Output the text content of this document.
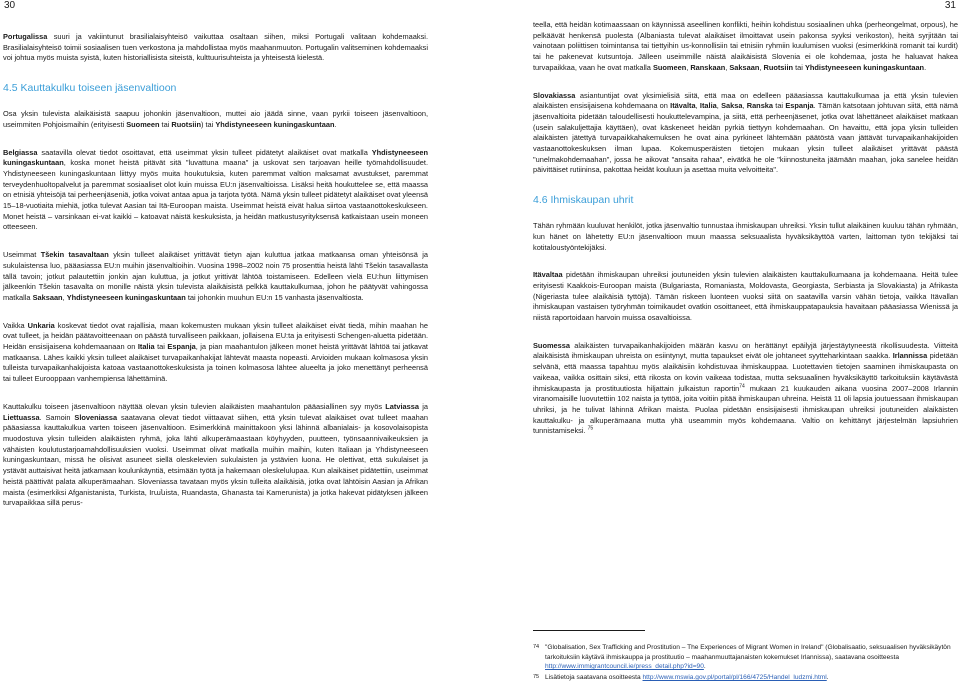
30	31

Portugalissa suuri ja vakiintunut brasilialaisyhteisö vaikuttaa osaltaan siihen, miksi Portugali valitaan kohdemaaksi. Brasilialaisyhteisö toimii sosiaalisen tuen verkostona ja mahdollistaa myös maahanmuuton. Portugalin valitseminen kohdemaaksi voi johtua myös muista syistä, kuten historiallisista siteistä, kulttuurisuhteista ja yhteisestä kielestä.

4.5 Kauttakulku toiseen jäsenvaltioon

Osa yksin tulevista alaikäisistä saapuu johonkin jäsenvaltioon, muttei aio jäädä sinne, vaan pyrkii toiseen jäsenvaltioon, useimmiten Pohjoismaihin (erityisesti Suomeen tai Ruotsiin) tai Yhdistyneeseen kuningaskuntaan.

Belgiassa saatavilla olevat tiedot osoittavat, että useimmat yksin tulleet pidätetyt alaikäiset ovat matkalla Yhdistyneeseen kuningaskuntaan, koska monet heistä pitävät sitä "luvattuna maana" ja uskovat sen tarjoavan heille työmahdollisuudet. Yhdistyneeseen kuningaskuntaan liittyy myös muita houkutuksia, kuten paremmat valtion maksamat avustukset, paremmat terveydenhuoltopalvelut ja paremmat sosiaaliset olot kuin muissa EU:n jäsenvaltioissa. Lisäksi heitä houkuttelee se, että maassa on etnisiä yhteisöjä tai perheenjäseniä, jotka voivat antaa apua ja tarjota työtä. Nämä yksin tulleet pidätetyt alaikäiset ovat yleensä 15–18-vuotiaita miehiä, jotka tulevat Aasian tai Itä-Euroopan maista. Useimmat heistä eivät halua siirtoa vastaanottokeskukseen. Monet heistä – varsinkaan ei-vat kaikki – katoavat näistä keskuksista, ja heidän matkustusyrityksensä katkaistaan usein moneen otteeseen.

Useimmat Tšekin tasavaltaan yksin tulleet alaikäiset yrittävät tietyn ajan kuluttua jatkaa matkaansa oman yhteisönsä ja sukulaistensa luo, pääasiassa EU:n muihin jäsenvaltioihin. Vuosina 1998–2002 noin 75 prosenttia heistä lähti Tšekin tasavallasta tällä tavoin; jotkut palautettiin jonkin ajan kuluttua, ja jotkut yrittivät lähtöä toistamiseen. Edelleen vielä EU:hun liittymisen jälkeenkin Tšekin tasavalta on monille näistä yksin tulevista alaikäisistä pelkkä kauttakulkumaa, johon he päätyvät vahingossa matkalla Saksaan, Yhdistyneeseen kuningaskuntaan tai johonkin muuhun EU:n 15 vanhasta jäsenvaltiosta.

Vaikka Unkaria koskevat tiedot ovat rajallisia, maan kokemusten mukaan yksin tulleet alaikäiset eivät tiedä, mihin maahan he ovat tulleet, ja heidän päätavoitteenaan on päästä turvalliseen paikkaan, jollaisena EU:ta ja erityisesti Schengen-aluetta pidetään. Heidän ensisijaisena kohdemaanaan on Italia tai Espanja, ja pian maahantulon jälkeen monet heistä yrittävät lähtöä tai jatkavat matkaansa. Lähes kaikki yksin tulleet alaikäiset turvapaikanhakijat lähtevät maasta nopeasti. Arvioiden mukaan kolmasosa yksin tulleista turvapaikanhakijoista katoaa vastaanottokeskuksista ja toinen kolmasosa lähtee alueelta ja joko menettänyt perheensä tai tulleet Eurooppaan vanhempiensa lähettäminä.

Kauttakulku toiseen jäsenvaltioon näyttää olevan yksin tulevien alaikäisten maahantulon pääasiallinen syy myös Latviassa ja Liettuassa. Samoin Sloveniassa saatavana olevat tiedot viittaavat siihen, että yksin tulevat alaikäiset ovat tulleet maahan pääasiassa kauttakulkua varten toiseen jäsenvaltioon. Esimerkkinä mainittakoon yksi lähinnä albanialais- ja kosovolaisopista muodostuva yksin tulleiden alaikäisten ryhmä, joka lähti alkuperämaastaan köyhyyden, puutteen, työnsaannivaikeuksien ja vähäisten koulutustarjoamahdollisuuksien vuoksi. Useimmat olivat matkalla muihin maihin, kuten Italiaan ja Yhdistyneeseen kuningaskuntaan, missä he olisivat asuneet siellä oleskelevien sukulaisten ja ystävien luona. He olettivat, että sukulaiset ja ystävät auttaisivat heitä jatkamaan koulunkäyntiä, etsimään työtä ja hakemaan oleskelulupaa. Kun alaikäiset pidätettiin, useimmat heistä päättivät palata alkuperämaahan. Sloveniassa tavataan myös yksin tulleita alaikäisiä, jotka ovat lähtöisin Aasian ja Afrikan maista (esimerkiksi Afganistanista, Turkista, Irանista, Ruandasta, Ghanasta tai Kamerunista) ja jotka hakevat pidätyksen jälkeen turvapaikkaa sillä perus-

teella, että heidän kotimaassaan on käynnissä aseellinen konflikti, heihin kohdistuu sosiaalinen uhka (perheongelmat, orpous), he pelkäävät henkensä puolesta (Albaniasta tulevat alaikäiset ilmoittavat usein pakonsa syyksi verikoston), heitä syrjitään tai vainotaan poliittisen toimintansa tai tiettyihin us-konnollisiin tai etnisiin ryhmiin kuulumisen vuoksi (esimerkkinä romanit tai kurdit) tai he pakenevat kutsuntoja. Jälleen useimmille näistä alaikäisistä Slovenia ei ole kohdemaa, josta he haluavat hakea turvapaikkaa, vaan he ovat matkalla Suomeen, Ranskaan, Saksaan, Ruotsiin tai Yhdistyneeseen kuningaskuntaan.

Slovakiassa asiantuntijat ovat yksimielisiä siitä, että maa on edelleen pääasiassa kauttakulkumaa ja että yksin tulevien alaikäisten ensisijaisena kohdemaana on Itävalta, Italia, Saksa, Ranska tai Espanja. Tämän katsotaan johtuvan siitä, että nämä jäsenvaltioita pidetään taloudellisesti houkuttelevampina, ja siitä, että perheenjäsenet, jotka ovat lähettäneet alaikäiset matkaan (usein salakuljettajia käyttäen), ovat käskeneet heidän pyrkiä tiettyyn kohdemaahan. On havaittu, että jopa yksin tulleiden alaikäisten jätettyä turvapaikkahakemuksen he ovat aina pyrkineet lähtemään päätöstä vaan jättävät turvapaikanhakijoiden vastaanottokeskuksen ilman lupaa. Kokemusperäisten tietojen mukaan yksin tulleet alaikäiset yrittävät päästä "unelmakohdemaahan", jossa he aikovat "ansaita rahaa", eivätkä he ole "kiinnostuneita jäämään maahan, joka sanelee heidän päivittäiset rutiininsa, pakottaa heidät kouluun ja asettaa muita velvoitteita".

4.6 Ihmiskaupan uhrit

Tähän ryhmään kuuluvat henkilöt, jotka jäsenvaltio tunnustaa ihmiskaupan uhreiksi. Yksin tullut alaikäinen kuuluu tähän ryhmään, kun hänet on lähetetty EU:n jäsenvaltioon muun maassa seksuaalista hyväksikäyttöä varten, laittoman työn tekijäksi tai kotitaloustyöntekijäksi.

Itävaltaa pidetään ihmiskaupan uhreiksi joutuneiden yksin tulevien alaikäisten kauttakulkumaana ja kohdemaana. Heitä tulee erityisesti Kaakkois-Euroopan maista (Bulgariasta, Romaniasta, Moldovasta, Georgiasta, Serbiasta ja Slovakiasta) ja Afrikasta (Nigeriasta tulee alaikäisiä tyttöjä). Tämän riskeen luonteen vuoksi siitä on saatavilla varsin vähän tietoja, vaikka Itävallan ihmiskaupan vastaisen työryhmän toimikaudet ovatkin osoittaneet, että ihmiskauppatapauksia havaitaan pääasiassa Wienissä ja niistä raportoidaan harvoin muissa osavaltioissa.

Suomessa alaikäisten turvapaikanhakijoiden määrän kasvu on herättänyt epäilyjä järjestäytyneestä rikollisuudesta. Viitteitä alaikäisistä ihmiskaupan uhreista on esiintynyt, mutta tapaukset eivät ole johtaneet syytteharkintaan saakka. Irlannissa pidetään selvänä, että maassa tapahtuu myös alaikäisiin kohdistuvaa ihmiskauppaa. Luotettavien tietojen saaminen ihmiskaupasta on vaikeaa, vaikka osittain siksi, että rikosta on kovin vaikeaa todistaa, mutta seksuaalinen hyväksikäyttö tarkoituksiin käytävästä ihmiskaupasta ja prostituutiosta hiljattain julkaistun raportin$^{74}$ mukaan 21 kuukauden aikana vuosina 2007–2008 Irlannin viranomaisille luovutettiin 102 naista ja tyttöä, joita voitiin pitää ihmiskaupan uhreina. Heistä 11 oli lapsia joutuessaan ihmiskaupan uhriksi, ja he tulivat lähinnä Afrikan maista. Puolaa pidetään ensisijaisesti ihmiskaupan uhreiksi joutuneiden alaikäisten kauttakulku- ja alkuperämaana mutta yhä useammin myös kohdemaana. Valtio on kehittänyt järjestelmän lapsiuhrien tunnistamiseksi. $^{75}$

74 "Globalisation, Sex Trafficking and Prostitution – The Experiences of Migrant Women in Ireland" (Globalisaatio, seksuaalisen hyväksikäytön tarkoituksiin käytävä ihmiskauppa ja prostituutio – maahanmuuttajanaisten kokemukset Irlannissa), saatavana osoitteesta http://www.immigrantcouncil.ie/press_detail.php?id=90.
75 Lisätietoja saatavana osoitteesta http://www.mswia.gov.pl/portal/pl/166/4725/Handel_ludzmi.html.
